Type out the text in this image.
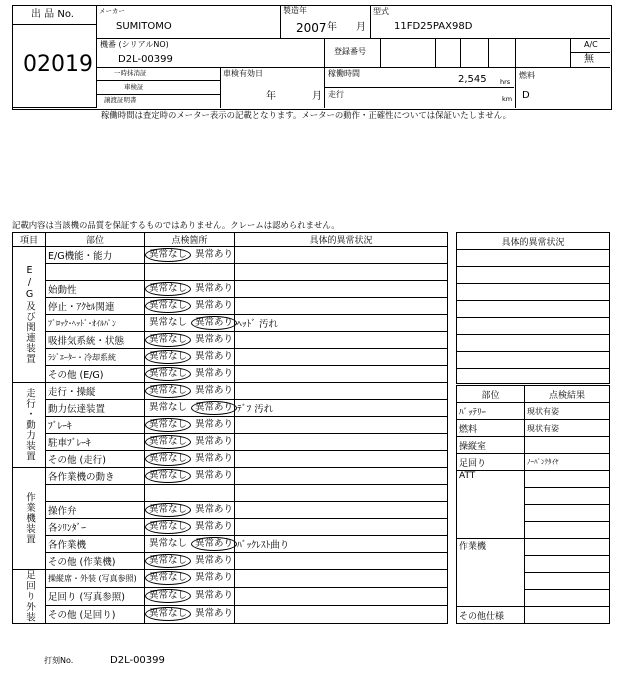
出 品 No.
02019
メーカー
SUMITOMO
製造年
2007 年 月
型式
11FD25PAX98D
機番 (シリアルNO)
D2L-00399
登録番号
A/C
無
一時抹消証
車検証
譲渡証明書
車検有効日
年	月
稼働時間
2,545 hrs
走行	km
燃料
D
稼働時間は査定時のメーター表示の記載となります。メーターの動作・正確性については保証いたしません。
記載内容は当該機の品質を保証するものではありません。クレームは認められません。
項目	部位	点検箇所	具体的異常状況

E/G及び関連装置	E/G機能・能力	異常なし 異常あり	

	始動性	異常なし 異常あり	
	停止・ｱｸｾﾙ関連	異常なし 異常あり	
	ﾌﾞﾛｯｸ･ﾍｯﾄﾞ･ｵｲﾙﾊﾟﾝ	異常なし 異常あり	ﾍｯﾄﾞ 汚れ
	吸排気系統・状態	異常なし 異常あり	
	ﾗｼﾞｴｰﾀｰ・冷却系統	異常なし 異常あり	
	その他 (E/G)	異常なし 異常あり	

走行・動力装置	走行・操縦	異常なし 異常あり	
	動力伝達装置	異常なし 異常あり	ﾃﾞﾌ 汚れ
	ﾌﾞﾚｰｷ	異常なし 異常あり	
	駐車ﾌﾞﾚｰｷ	異常なし 異常あり	
	その他 (走行)	異常なし 異常あり	

作業機装置	各作業機の動き	異常なし 異常あり	

	操作弁	異常なし 異常あり	
	各ｼﾘﾝﾀﾞｰ	異常なし 異常あり	
	各作業機	異常なし 異常あり	ﾊﾞｯｸﾚｽﾄ曲り
	その他 (作業機)	異常なし 異常あり	

足回り外装	操縦席・外装 (写真参照)	異常なし 異常あり	
	足回り (写真参照)	異常なし 異常あり	
	その他 (足回り)	異常なし 異常あり	
具体的異常状況

部位	点検結果
ﾊﾞｯﾃﾘｰ	現状有姿
燃料	現状有姿
操縦室	
足回り	ﾉｰﾊﾟﾝｸﾀｲﾔ
ATT	

作業機	

その他仕様	
打刻No.	D2L-00399
